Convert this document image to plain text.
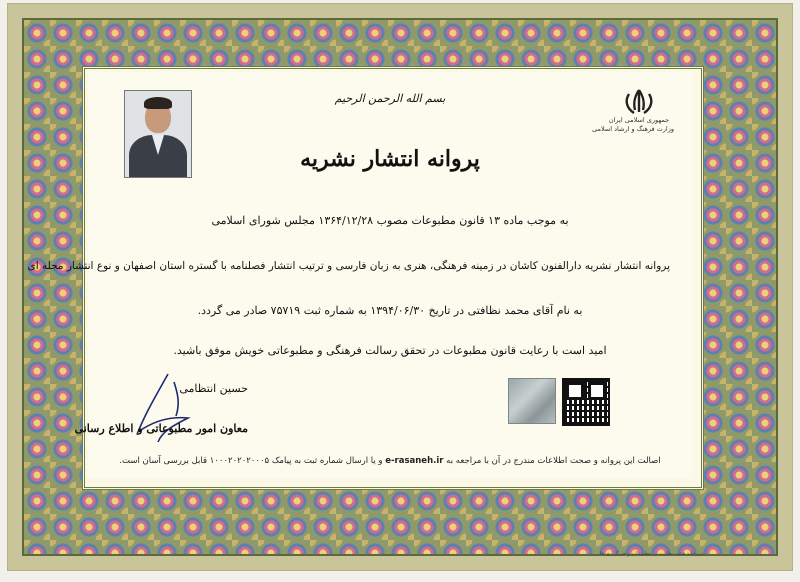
جمهوری اسلامی ایران
وزارت فرهنگ و ارشاد اسلامی
بسم الله الرحمن الرحیم
پروانه انتشار نشریه
به موجب ماده ۱۳ قانون مطبوعات مصوب ۱۳۶۴/۱۲/۲۸ مجلس شورای اسلامی
پروانه انتشار نشریه دارالفنون کاشان در زمینه فرهنگی، هنری به زبان فارسی و ترتیب انتشار فصلنامه با گستره استان اصفهان و نوع انتشار مجله ای
به نام آقای محمد نظافتی در تاریخ ۱۳۹۴/۰۶/۳۰ به شماره ثبت ۷۵۷۱۹ صادر می گردد.
امید است با رعایت قانون مطبوعات در تحقق رسالت فرهنگی و مطبوعاتی خویش موفق باشید.
حسین انتظامی
معاون امور مطبوعاتی و اطلاع رسانی
اصالت این پروانه و صحت اطلاعات مندرج در آن با مراجعه به e-rasaneh.ir و یا ارسال شماره ثبت به پیامک ۱۰۰۰۲۰۲۰۲۰۰۰۵ قابل بررسی آسان است.
دبیرخانه هیئت نظارت بر مطبوعات و خبرگزاری ها
